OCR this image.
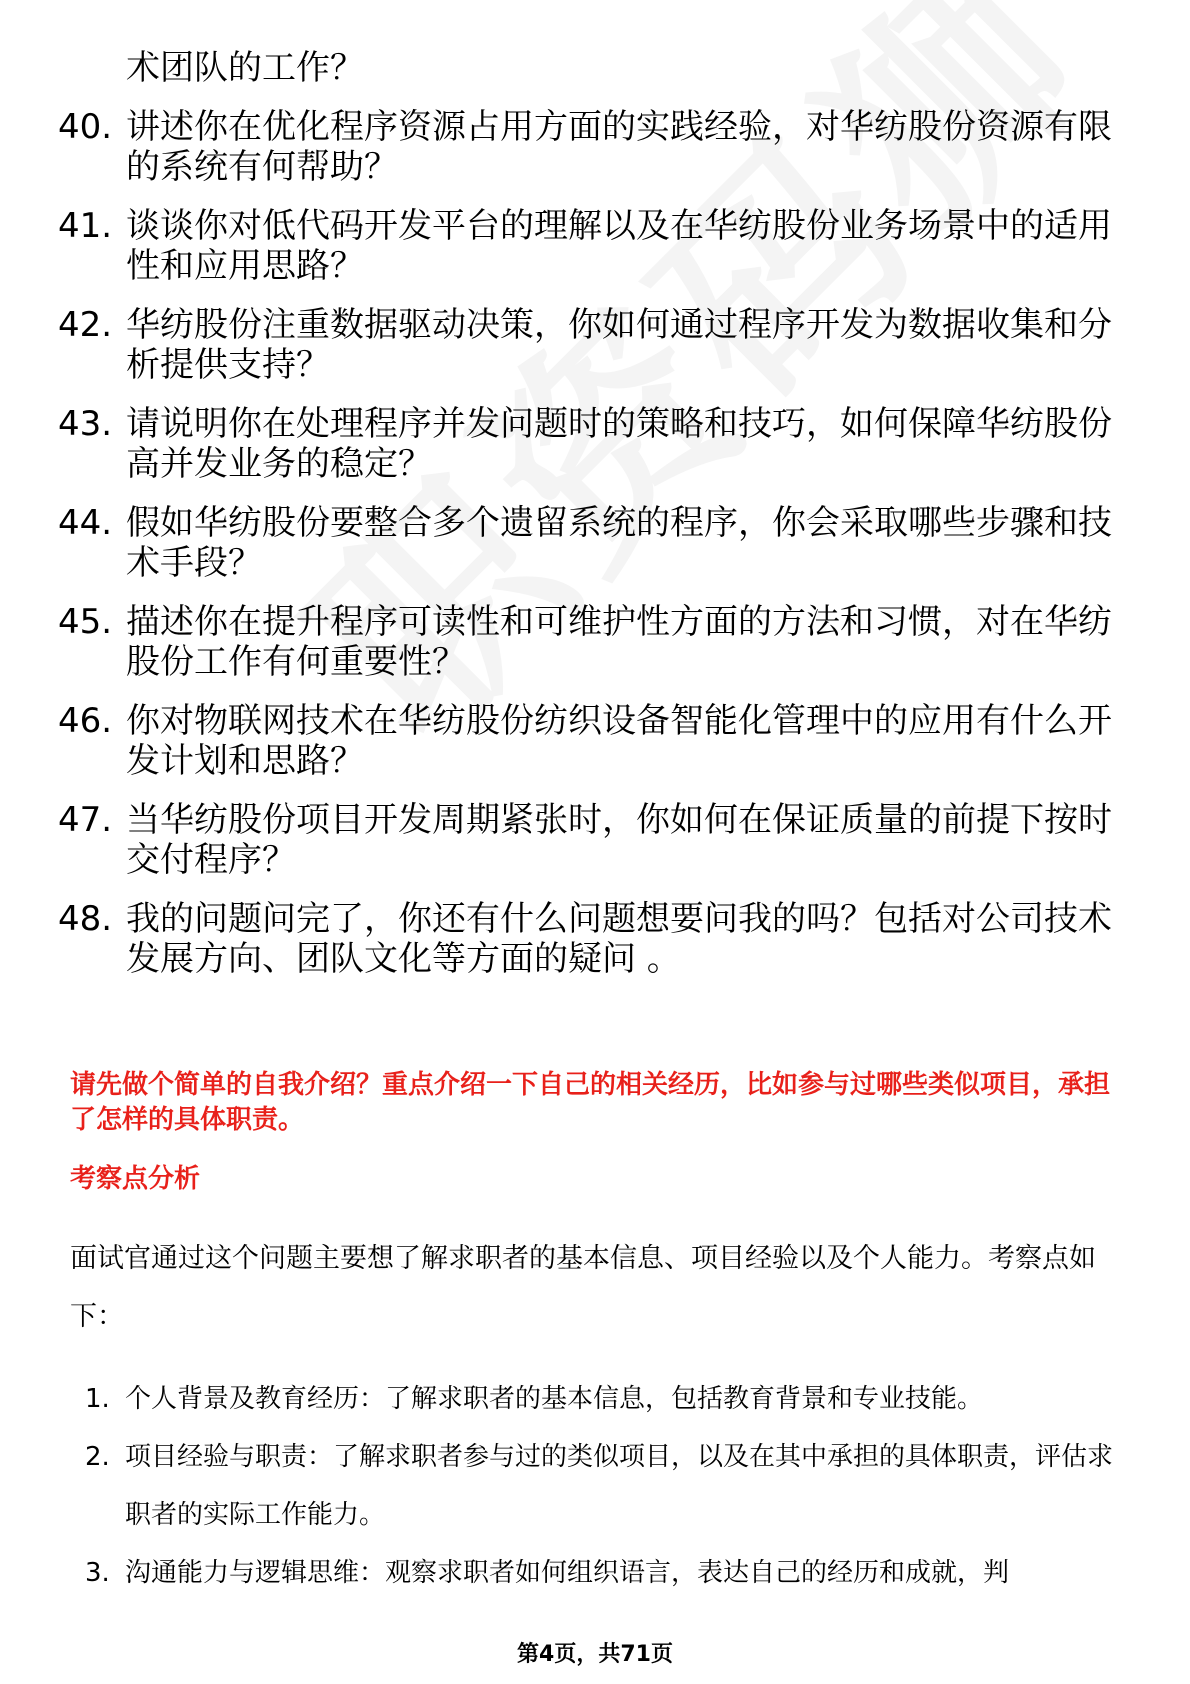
术团队的工作？
40. 讲述你在优化程序资源占用方面的实践经验，对华纺股份资源有限的系统有何帮助？
41. 谈谈你对低代码开发平台的理解以及在华纺股份业务场景中的适用性和应用思路？
42. 华纺股份注重数据驱动决策，你如何通过程序开发为数据收集和分析提供支持？
43. 请说明你在处理程序并发问题时的策略和技巧，如何保障华纺股份高并发业务的稳定？
44. 假如华纺股份要整合多个遗留系统的程序，你会采取哪些步骤和技术手段？
45. 描述你在提升程序可读性和可维护性方面的方法和习惯，对在华纺股份工作有何重要性？
46. 你对物联网技术在华纺股份纺织设备智能化管理中的应用有什么开发计划和思路？
47. 当华纺股份项目开发周期紧张时，你如何在保证质量的前提下按时交付程序？
48. 我的问题问完了，你还有什么问题想要问我的吗？包括对公司技术发展方向、团队文化等方面的疑问 。
请先做个简单的自我介绍？重点介绍一下自己的相关经历，比如参与过哪些类似项目，承担了怎样的具体职责。
考察点分析
面试官通过这个问题主要想了解求职者的基本信息、项目经验以及个人能力。考察点如下：
1. 个人背景及教育经历：了解求职者的基本信息，包括教育背景和专业技能。
2. 项目经验与职责：了解求职者参与过的类似项目，以及在其中承担的具体职责，评估求职者的实际工作能力。
3. 沟通能力与逻辑思维：观察求职者如何组织语言，表达自己的经历和成就，判
第4页，共71页
